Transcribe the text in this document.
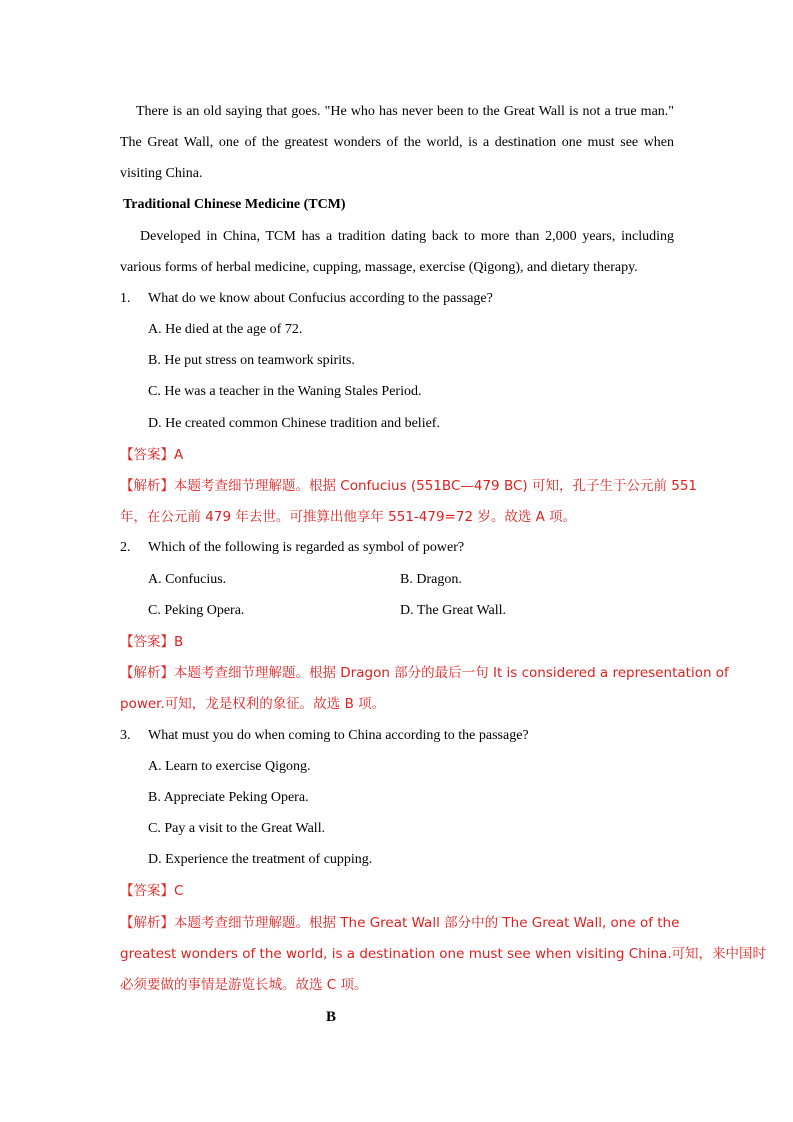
There is an old saying that goes. "He who has never been to the Great Wall is not a true man."
The Great Wall, one of the greatest wonders of the world, is a destination one must see when
visiting China.
Traditional Chinese Medicine (TCM)
Developed in China, TCM has a tradition dating back to more than 2,000 years, including
various forms of herbal medicine, cupping, massage, exercise (Qigong), and dietary therapy.
1. What do we know about Confucius according to the passage?
A. He died at the age of 72.
B. He put stress on teamwork spirits.
C. He was a teacher in the Waning Stales Period.
D. He created common Chinese tradition and belief.
【答案】A
【解析】本题考查细节理解题。根据 Confucius (551BC—479 BC) 可知，孔子生于公元前 551
年，在公元前 479 年去世。可推算出他享年 551-479=72 岁。故选 A 项。
2. Which of the following is regarded as symbol of power?
A. Confucius.	B. Dragon.
C. Peking Opera.	D. The Great Wall.
【答案】B
【解析】本题考查细节理解题。根据 Dragon 部分的最后一句 It is considered a representation of
power.可知，龙是权利的象征。故选 B 项。
3. What must you do when coming to China according to the passage?
A. Learn to exercise Qigong.
B. Appreciate Peking Opera.
C. Pay a visit to the Great Wall.
D. Experience the treatment of cupping.
【答案】C
【解析】本题考查细节理解题。根据 The Great Wall 部分中的 The Great Wall, one of the
greatest wonders of the world, is a destination one must see when visiting China.可知，来中国时
必须要做的事情是游览长城。故选 C 项。
B
